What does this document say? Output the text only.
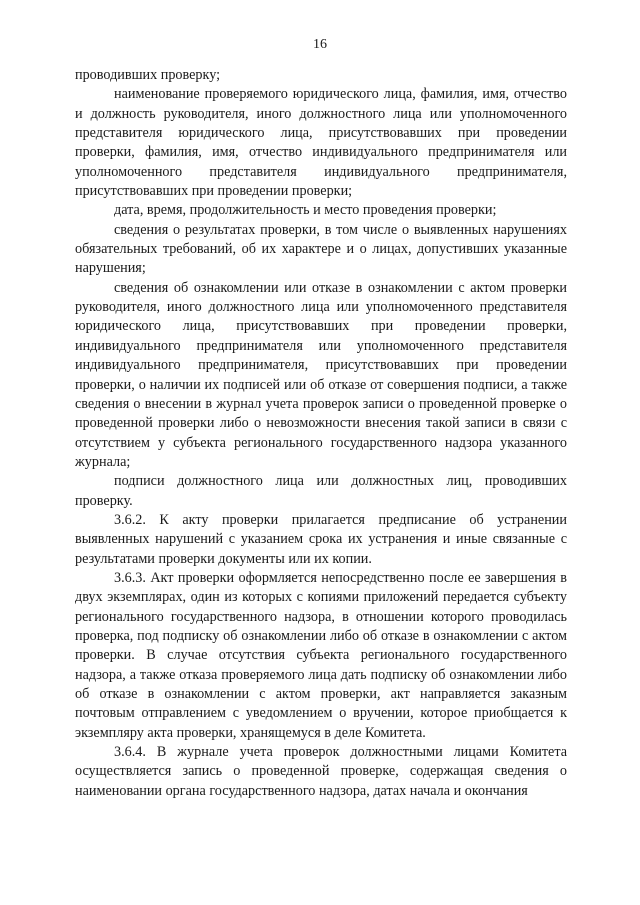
16

проводивших проверку;

наименование проверяемого юридического лица, фамилия, имя, отчество и должность руководителя, иного должностного лица или уполномоченного представителя юридического лица, присутствовавших при проведении проверки, фамилия, имя, отчество индивидуального предпринимателя или уполномоченного представителя индивидуального предпринимателя, присутствовавших при проведении проверки;

дата, время, продолжительность и место проведения проверки;

сведения о результатах проверки, в том числе о выявленных нарушениях обязательных требований, об их характере и о лицах, допустивших указанные нарушения;

сведения об ознакомлении или отказе в ознакомлении с актом проверки руководителя, иного должностного лица или уполномоченного представителя юридического лица, присутствовавших при проведении проверки, индивидуального предпринимателя или уполномоченного представителя индивидуального предпринимателя, присутствовавших при проведении проверки, о наличии их подписей или об отказе от совершения подписи, а также сведения о внесении в журнал учета проверок записи о проведенной проверке о проведенной проверки либо о невозможности внесения такой записи в связи с отсутствием у субъекта регионального государственного надзора указанного журнала;

подписи должностного лица или должностных лиц, проводивших проверку.

3.6.2. К акту проверки прилагается предписание об устранении выявленных нарушений с указанием срока их устранения и иные связанные с результатами проверки документы или их копии.

3.6.3. Акт проверки оформляется непосредственно после ее завершения в двух экземплярах, один из которых с копиями приложений передается субъекту регионального государственного надзора, в отношении которого проводилась проверка, под подписку об ознакомлении либо об отказе в ознакомлении с актом проверки. В случае отсутствия субъекта регионального государственного надзора, а также отказа проверяемого лица дать подписку об ознакомлении либо об отказе в ознакомлении с актом проверки, акт направляется заказным почтовым отправлением с уведомлением о вручении, которое приобщается к экземпляру акта проверки, хранящемуся в деле Комитета.

3.6.4. В журнале учета проверок должностными лицами Комитета осуществляется запись о проведенной проверке, содержащая сведения о наименовании органа государственного надзора, датах начала и окончания
